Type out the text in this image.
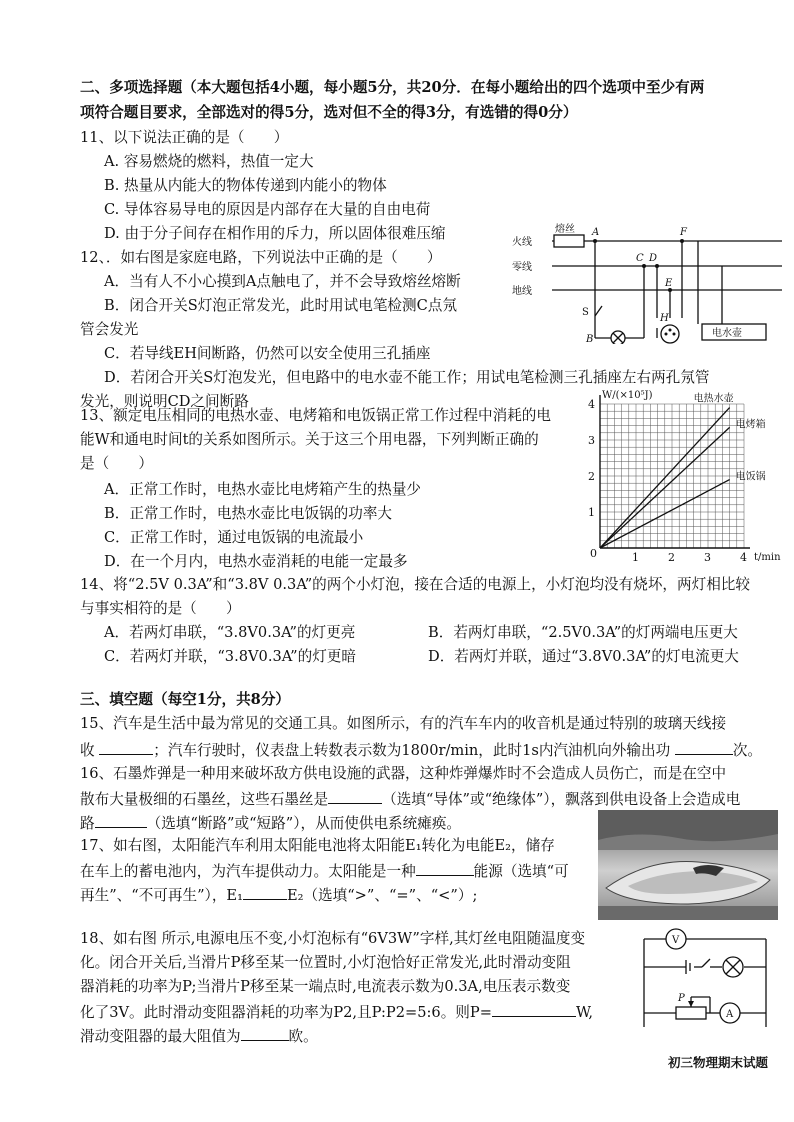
二、多项选择题（本大题包括4小题，每小题5分，共20分．在每小题给出的四个选项中至少有两
项符合题目要求，全部选对的得5分，选对但不全的得3分，有选错的得0分）
11、以下说法正确的是（　　）
A. 容易燃烧的燃料，热值一定大
B. 热量从内能大的物体传递到内能小的物体
C. 导体容易导电的原因是内部存在大量的自由电荷
D. 由于分子间存在相作用的斥力，所以固体很难压缩
12、．如右图是家庭电路，下列说法中正确的是（　　）
A．当有人不小心摸到A点触电了，并不会导致熔丝熔断
B．闭合开关S灯泡正常发光，此时用试电笔检测C点氖
管会发光
C．若导线EH间断路，仍然可以安全使用三孔插座
D．若闭合开关S灯泡发光，但电路中的电水壶不能工作；用试电笔检测三孔插座左右两孔氖管
发光，则说明CD之间断路
熔丝
火线
零线
地线
A	F
C D
E
S
B
H
电水壶
13、额定电压相同的电热水壶、电烤箱和电饭锅正常工作过程中消耗的电
能W和通电时间t的关系如图所示。关于这三个用电器，下列判断正确的
是（　　）
A．正常工作时，电热水壶比电烤箱产生的热量少
B．正常工作时，电热水壶比电饭锅的功率大
C．正常工作时，通过电饭锅的电流最小
D．在一个月内，电热水壶消耗的电能一定最多
电热水壶
电烤箱
电饭锅
1	2	3	4
1
2
3
4
W/(×10⁵J)
t/min
0
14、将“2.5V 0.3A”和“3.8V 0.3A”的两个小灯泡，接在合适的电源上，小灯泡均没有烧坏，两灯相比较
与事实相符的是（　　）
A．若两灯串联，“3.8V0.3A”的灯更亮	B．若两灯串联，“2.5V0.3A”的灯两端电压更大
C．若两灯并联，“3.8V0.3A”的灯更暗	D．若两灯并联，通过“3.8V0.3A”的灯电流更大
三、填空题（每空1分，共8分）
15、汽车是生活中最为常见的交通工具。如图所示，有的汽车车内的收音机是通过特别的玻璃天线接
收	；汽车行驶时，仪表盘上转数表示数为1800r/min，此时1s内汽油机向外输出功	次。
16、石墨炸弹是一种用来破坏敌方供电设施的武器，这种炸弹爆炸时不会造成人员伤亡，而是在空中
散布大量极细的石墨丝，这些石墨丝是	（选填“导体”或“绝缘体”），飘落到供电设备上会造成电
路	（选填“断路”或“短路”），从而使供电系统瘫痪。
17、如右图，太阳能汽车利用太阳能电池将太阳能E₁转化为电能E₂，储存
在车上的蓄电池内，为汽车提供动力。太阳能是一种	能源（选填“可
再生”、“不可再生”），E₁	E₂（选填“>”、“=”、“<”）;
18、如右图 所示,电源电压不变,小灯泡标有“6V3W”字样,其灯丝电阻随温度变
化。闭合开关后,当滑片P移至某一位置时,小灯泡恰好正常发光,此时滑动变阻
器消耗的功率为P;当滑片P移至某一端点时,电流表示数为0.3A,电压表示数变
化了3V。此时滑动变阻器消耗的功率为P2,且P:P2=5:6。则P=	W,
滑动变阻器的最大阻值为	欧。
V
A
P
初三物理期末试题
